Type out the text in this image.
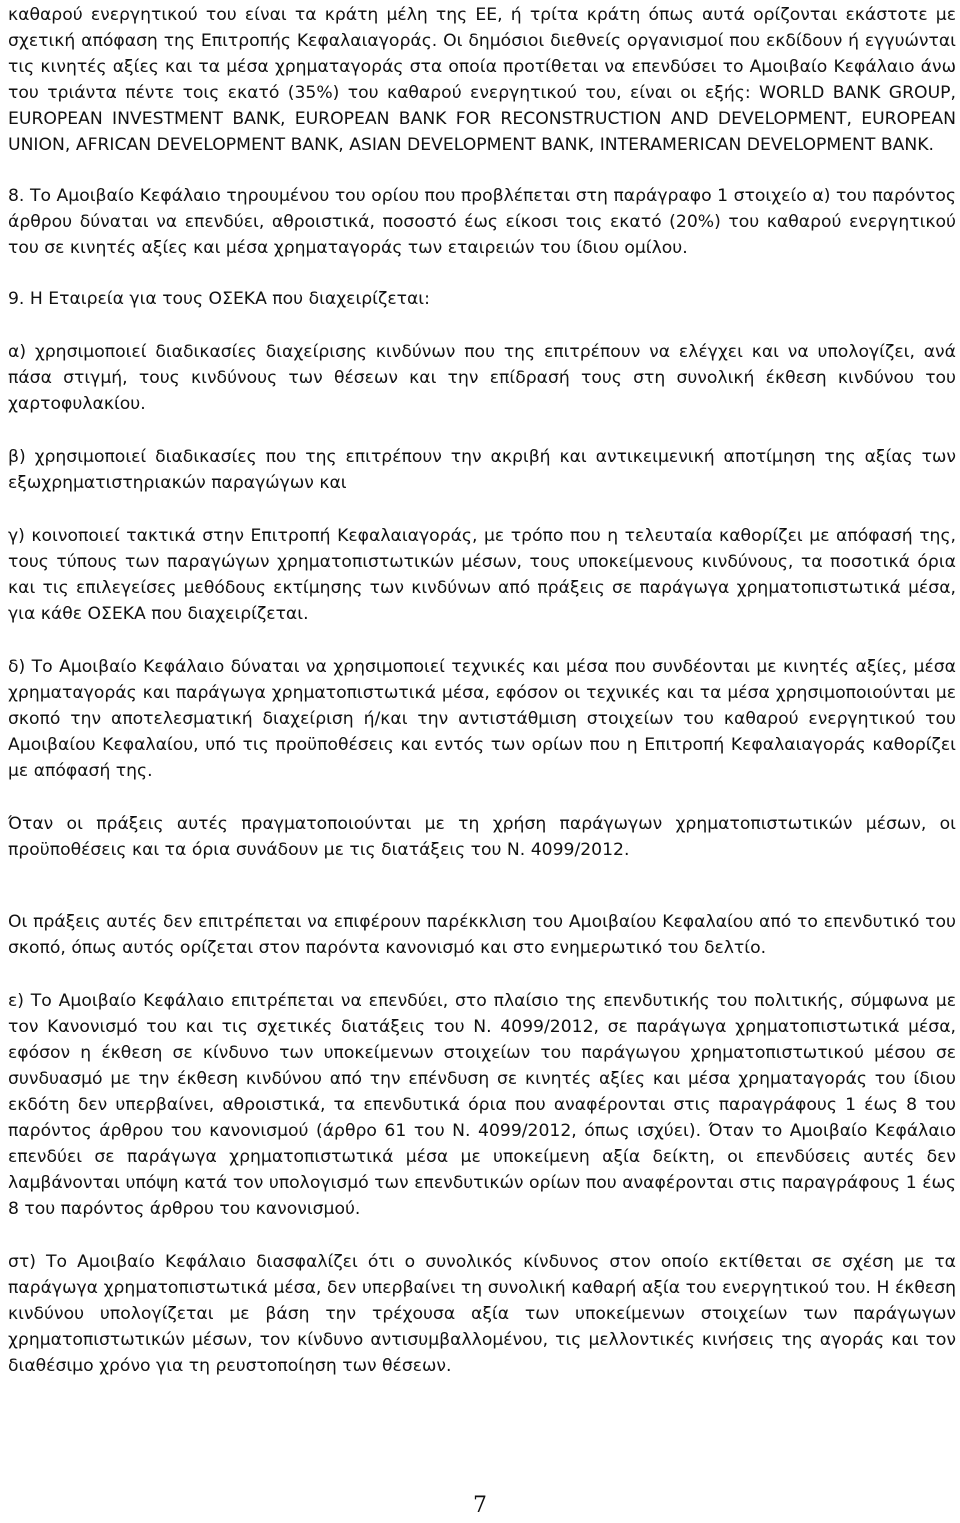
καθαρού ενεργητικού του είναι τα κράτη μέλη της ΕΕ, ή τρίτα κράτη όπως αυτά ορίζονται εκάστοτε με σχετική απόφαση της Επιτροπής Κεφαλαιαγοράς. Οι δημόσιοι διεθνείς οργανισμοί που εκδίδουν ή εγγυώνται τις κινητές αξίες και τα μέσα χρηματαγοράς στα οποία προτίθεται να επενδύσει το Αμοιβαίο Κεφάλαιο άνω του τριάντα πέντε τοις εκατό (35%) του καθαρού ενεργητικού του, είναι οι εξής: WORLD BANK GROUP, EUROPEAN INVESTMENT BANK, EUROPEAN BANK FOR RECONSTRUCTION AND DEVELOPMENT, EUROPEAN UNION, AFRICAN DEVELOPMENT BANK, ASIAN DEVELOPMENT BANK, INTERAMERICAN DEVELOPMENT BANK.

8. Το Αμοιβαίο Κεφάλαιο τηρουμένου του ορίου που προβλέπεται στη παράγραφο 1 στοιχείο α) του παρόντος άρθρου δύναται να επενδύει, αθροιστικά, ποσοστό έως είκοσι τοις εκατό (20%) του καθαρού ενεργητικού του σε κινητές αξίες και μέσα χρηματαγοράς των εταιρειών του ίδιου ομίλου.

9. Η Εταιρεία για τους ΟΣΕΚΑ που διαχειρίζεται:

α) χρησιμοποιεί διαδικασίες διαχείρισης κινδύνων που της επιτρέπουν να ελέγχει και να υπολογίζει, ανά πάσα στιγμή, τους κινδύνους των θέσεων και την επίδρασή τους στη συνολική έκθεση κινδύνου του χαρτοφυλακίου.

β) χρησιμοποιεί διαδικασίες που της επιτρέπουν την ακριβή και αντικειμενική αποτίμηση της αξίας των εξωχρηματιστηριακών παραγώγων και

γ) κοινοποιεί τακτικά στην Επιτροπή Κεφαλαιαγοράς, με τρόπο που η τελευταία καθορίζει με απόφασή της, τους τύπους των παραγώγων χρηματοπιστωτικών μέσων, τους υποκείμενους κινδύνους, τα ποσοτικά όρια και τις επιλεγείσες μεθόδους εκτίμησης των κινδύνων από πράξεις σε παράγωγα χρηματοπιστωτικά μέσα, για κάθε ΟΣΕΚΑ που διαχειρίζεται.

δ) Το Αμοιβαίο Κεφάλαιο δύναται να χρησιμοποιεί τεχνικές και μέσα που συνδέονται με κινητές αξίες, μέσα χρηματαγοράς και παράγωγα χρηματοπιστωτικά μέσα, εφόσον οι τεχνικές και τα μέσα χρησιμοποιούνται με σκοπό την αποτελεσματική διαχείριση ή/και την αντιστάθμιση στοιχείων του καθαρού ενεργητικού του Αμοιβαίου Κεφαλαίου, υπό τις προϋποθέσεις και εντός των ορίων που η Επιτροπή Κεφαλαιαγοράς καθορίζει με απόφασή της.

Όταν οι πράξεις αυτές πραγματοποιούνται με τη χρήση παράγωγων χρηματοπιστωτικών μέσων, οι προϋποθέσεις και τα όρια συνάδουν με τις διατάξεις του Ν. 4099/2012.

Οι πράξεις αυτές δεν επιτρέπεται να επιφέρουν παρέκκλιση του Αμοιβαίου Κεφαλαίου από το επενδυτικό του σκοπό, όπως αυτός ορίζεται στον παρόντα κανονισμό και στο ενημερωτικό του δελτίο.

ε) Το Αμοιβαίο Κεφάλαιο επιτρέπεται να επενδύει, στο πλαίσιο της επενδυτικής του πολιτικής, σύμφωνα με τον Κανονισμό του και τις σχετικές διατάξεις του Ν. 4099/2012, σε παράγωγα χρηματοπιστωτικά μέσα, εφόσον η έκθεση σε κίνδυνο των υποκείμενων στοιχείων του παράγωγου χρηματοπιστωτικού μέσου σε συνδυασμό με την έκθεση κινδύνου από την επένδυση σε κινητές αξίες και μέσα χρηματαγοράς του ίδιου εκδότη δεν υπερβαίνει, αθροιστικά, τα επενδυτικά όρια που αναφέρονται στις παραγράφους 1 έως 8 του παρόντος άρθρου του κανονισμού (άρθρο 61 του Ν. 4099/2012, όπως ισχύει). Όταν το Αμοιβαίο Κεφάλαιο επενδύει σε παράγωγα χρηματοπιστωτικά μέσα με υποκείμενη αξία δείκτη, οι επενδύσεις αυτές δεν λαμβάνονται υπόψη κατά τον υπολογισμό των επενδυτικών ορίων που αναφέρονται στις παραγράφους 1 έως 8 του παρόντος άρθρου του κανονισμού.

στ) Το Αμοιβαίο Κεφάλαιο διασφαλίζει ότι ο συνολικός κίνδυνος στον οποίο εκτίθεται σε σχέση με τα παράγωγα χρηματοπιστωτικά μέσα, δεν υπερβαίνει τη συνολική καθαρή αξία του ενεργητικού του. Η έκθεση κινδύνου υπολογίζεται με βάση την τρέχουσα αξία των υποκείμενων στοιχείων των παράγωγων χρηματοπιστωτικών μέσων, τον κίνδυνο αντισυμβαλλομένου, τις μελλοντικές κινήσεις της αγοράς και τον διαθέσιμο χρόνο για τη ρευστοποίηση των θέσεων.

7
